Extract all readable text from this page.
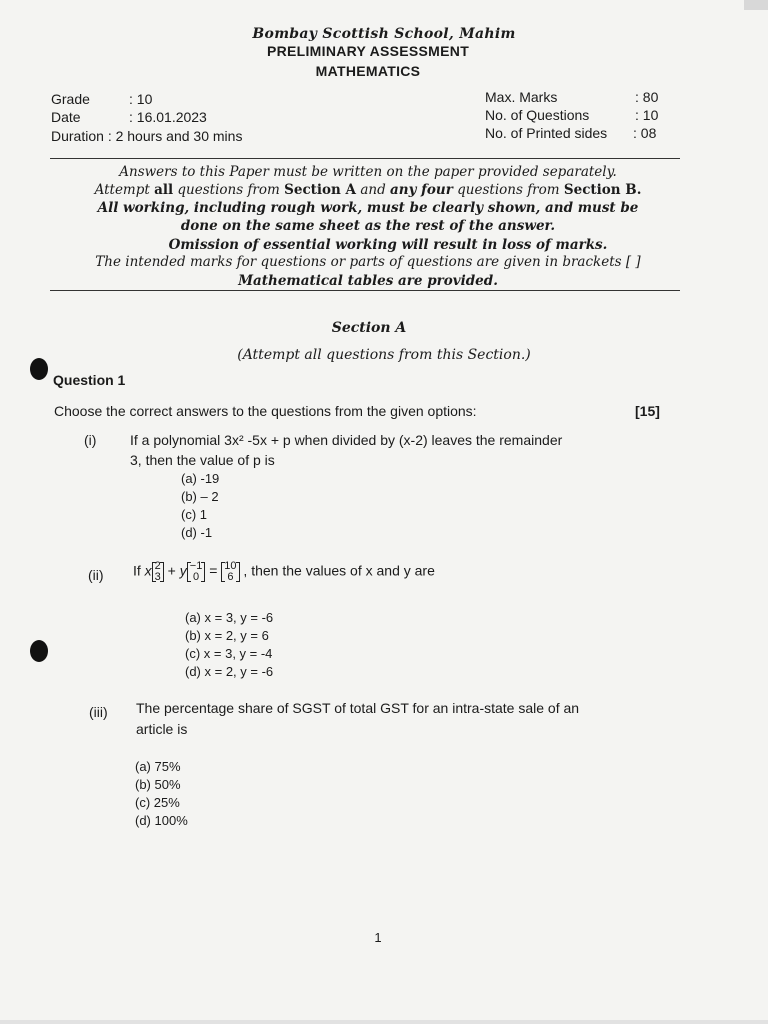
Bombay Scottish School, Mahim
PRELIMINARY ASSESSMENT
MATHEMATICS
Grade	: 10
Date	: 16.01.2023
Duration : 2 hours and 30 mins
Max. Marks	: 80
No. of Questions	: 10
No. of Printed sides : 08
Answers to this Paper must be written on the paper provided separately.
Attempt all questions from Section A and any four questions from Section B.
All working, including rough work, must be clearly shown, and must be
done on the same sheet as the rest of the answer.
Omission of essential working will result in loss of marks.
The intended marks for questions or parts of questions are given in brackets [ ]
Mathematical tables are provided.
Section A
(Attempt all questions from this Section.)
Question 1
Choose the correct answers to the questions from the given options:	[15]
(i) If a polynomial 3x² -5x + p when divided by (x-2) leaves the remainder
3, then the value of p is
(a) -19
(b) – 2
(c) 1
(d) -1
(ii) If x 2
3 + y −1
0 = 10
6 , then the values of x and y are
(a) x = 3, y = -6
(b) x = 2, y = 6
(c) x = 3, y = -4
(d) x = 2, y = -6
(iii) The percentage share of SGST of total GST for an intra-state sale of an
article is
(a) 75%
(b) 50%
(c) 25%
(d) 100%
1
